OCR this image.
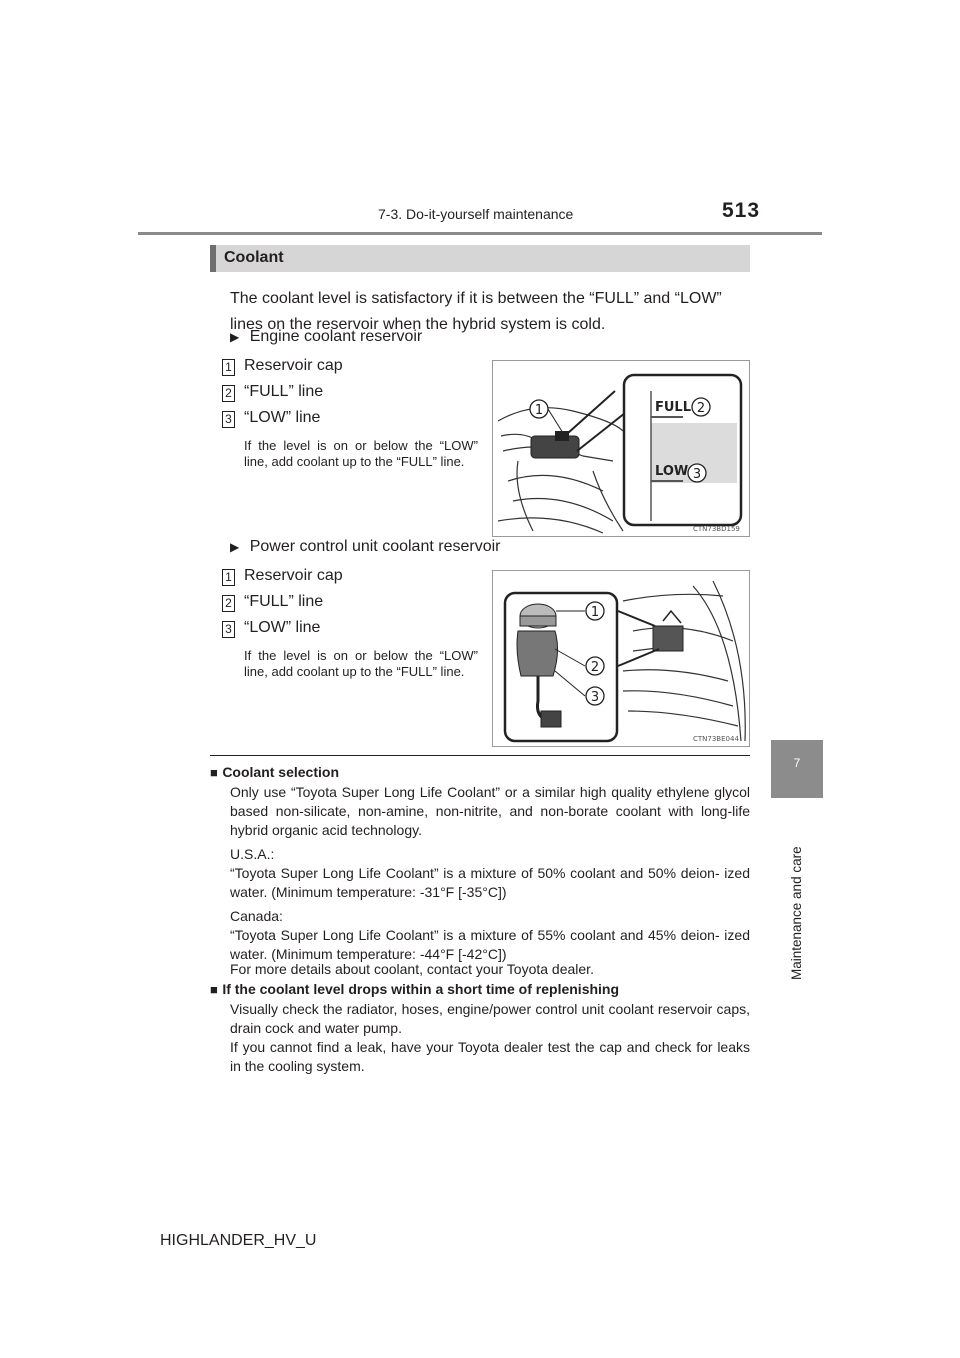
7-3. Do-it-yourself maintenance	513
7
Maintenance and care
Coolant
The coolant level is satisfactory if it is between the “FULL” and “LOW” lines on the reservoir when the hybrid system is cold.
▶ Engine coolant reservoir
1 Reservoir cap
2 “FULL” line
3 “LOW” line
If the level is on or below the “LOW” line, add coolant up to the “FULL” line.
FULL
LOW
1	2
3
CTN73BD159
▶ Power control unit coolant reservoir
1 Reservoir cap
2 “FULL” line
3 “LOW” line
If the level is on or below the “LOW” line, add coolant up to the “FULL” line.
1
2
3
CTN73BE044
■ Coolant selection
Only use “Toyota Super Long Life Coolant” or a similar high quality ethylene glycol based non-silicate, non-amine, non-nitrite, and non-borate coolant with long-life hybrid organic acid technology.
U.S.A.:
“Toyota Super Long Life Coolant” is a mixture of 50% coolant and 50% deion- ized water. (Minimum temperature: -31°F [-35°C])
Canada:
“Toyota Super Long Life Coolant” is a mixture of 55% coolant and 45% deion- ized water. (Minimum temperature: -44°F [-42°C])
For more details about coolant, contact your Toyota dealer.
■ If the coolant level drops within a short time of replenishing
Visually check the radiator, hoses, engine/power control unit coolant reservoir caps, drain cock and water pump.
If you cannot find a leak, have your Toyota dealer test the cap and check for leaks in the cooling system.
HIGHLANDER_HV_U
